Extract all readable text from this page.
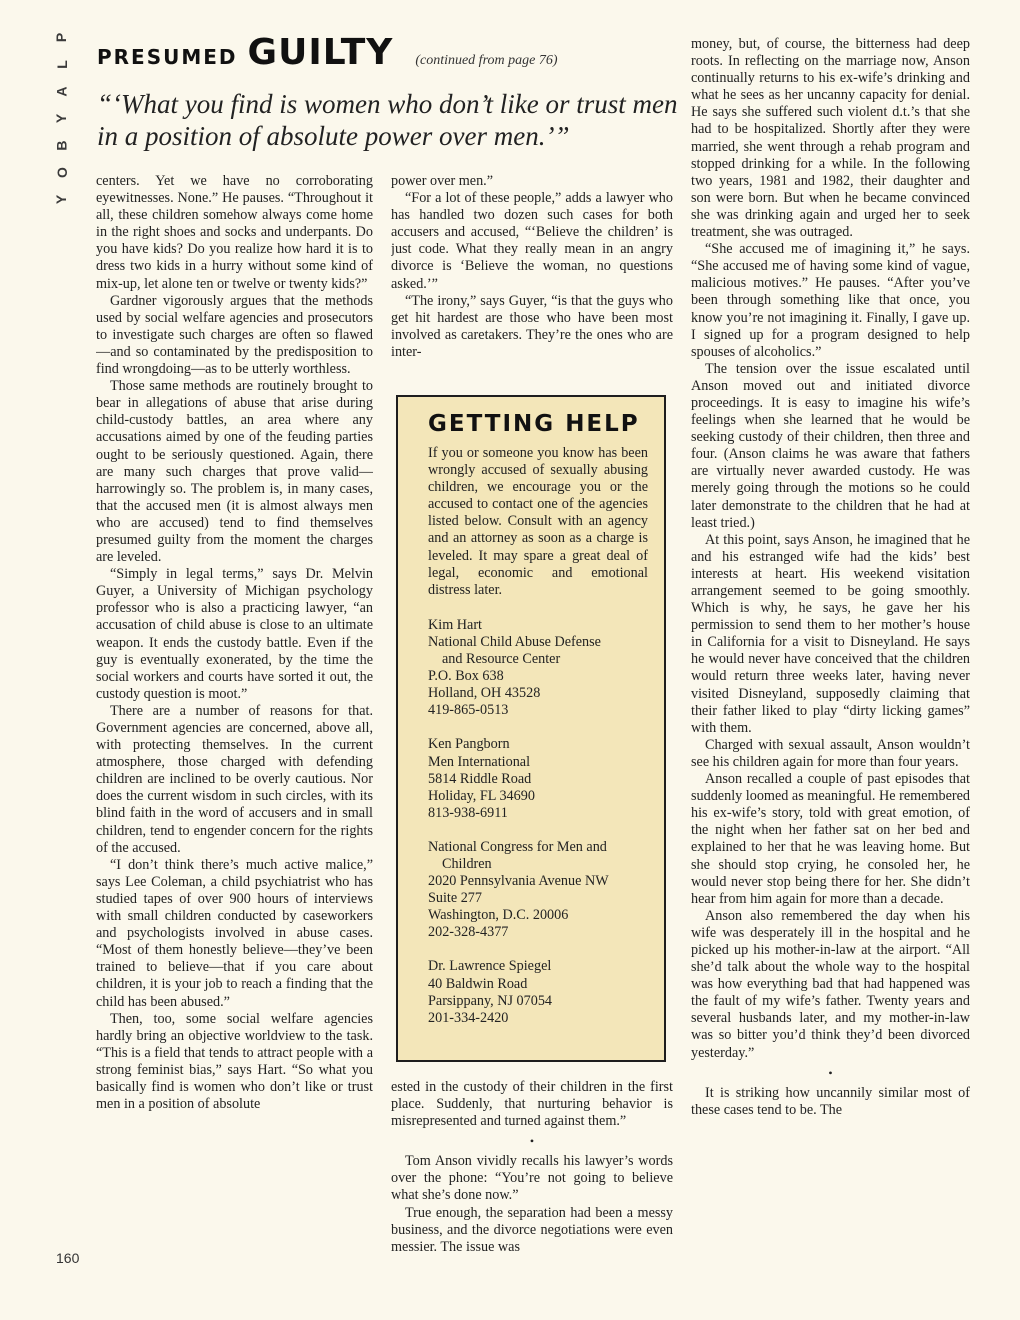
P
L
A
Y
B
O
Y
PRESUMED GUILTY (continued from page 76)
“‘What you find is women who don’t like or trust men in a position of absolute power over men.’”

centers. Yet we have no corroborating eyewitnesses. None.” He pauses. “Throughout it all, these children somehow always come home in the right shoes and socks and underpants. Do you have kids? Do you realize how hard it is to dress two kids in a hurry without some kind of mix-up, let alone ten or twelve or twenty kids?”

Gardner vigorously argues that the methods used by social welfare agencies and prosecutors to investigate such charges are often so flawed—and so contaminated by the predisposition to find wrongdoing—as to be utterly worthless.

Those same methods are routinely brought to bear in allegations of abuse that arise during child-custody battles, an area where any accusations aimed by one of the feuding parties ought to be seriously questioned. Again, there are many such charges that prove valid—harrowingly so. The problem is, in many cases, that the accused men (it is almost always men who are accused) tend to find themselves presumed guilty from the moment the charges are leveled.

“Simply in legal terms,” says Dr. Melvin Guyer, a University of Michigan psychology professor who is also a practicing lawyer, “an accusation of child abuse is close to an ultimate weapon. It ends the custody battle. Even if the guy is eventually exonerated, by the time the social workers and courts have sorted it out, the custody question is moot.”

There are a number of reasons for that. Government agencies are concerned, above all, with protecting themselves. In the current atmosphere, those charged with defending children are inclined to be overly cautious. Nor does the current wisdom in such circles, with its blind faith in the word of accusers and in small children, tend to engender concern for the rights of the accused.

“I don’t think there’s much active malice,” says Lee Coleman, a child psychiatrist who has studied tapes of over 900 hours of interviews with small children conducted by caseworkers and psychologists involved in abuse cases. “Most of them honestly believe—they’ve been trained to believe—that if you care about children, it is your job to reach a finding that the child has been abused.”

Then, too, some social welfare agencies hardly bring an objective worldview to the task. “This is a field that tends to attract people with a strong feminist bias,” says Hart. “So what you basically find is women who don’t like or trust men in a position of absolute

power over men.”

“For a lot of these people,” adds a lawyer who has handled two dozen such cases for both accusers and accused, “‘Believe the children’ is just code. What they really mean in an angry divorce is ‘Believe the woman, no questions asked.’”

“The irony,” says Guyer, “is that the guys who get hit hardest are those who have been most involved as caretakers. They’re the ones who are inter-

GETTING HELP
If you or someone you know has been wrongly accused of sexually abusing children, we encourage you or the accused to contact one of the agencies listed below. Consult with an agency and an attorney as soon as a charge is leveled. It may spare a great deal of legal, economic and emotional distress later.
Kim Hart
National Child Abuse Defense
and Resource Center
P.O. Box 638
Holland, OH 43528
419-865-0513
Ken Pangborn
Men International
5814 Riddle Road
Holiday, FL 34690
813-938-6911
National Congress for Men and
Children
2020 Pennsylvania Avenue NW
Suite 277
Washington, D.C. 20006
202-328-4377
Dr. Lawrence Spiegel
40 Baldwin Road
Parsippany, NJ 07054
201-334-2420

ested in the custody of their children in the first place. Suddenly, that nurturing behavior is misrepresented and turned against them.”

•

Tom Anson vividly recalls his lawyer’s words over the phone: “You’re not going to believe what she’s done now.”

True enough, the separation had been a messy business, and the divorce negotiations were even messier. The issue was

money, but, of course, the bitterness had deep roots. In reflecting on the marriage now, Anson continually returns to his ex-wife’s drinking and what he sees as her uncanny capacity for denial. He says she suffered such violent d.t.’s that she had to be hospitalized. Shortly after they were married, she went through a rehab program and stopped drinking for a while. In the following two years, 1981 and 1982, their daughter and son were born. But when he became convinced she was drinking again and urged her to seek treatment, she was outraged.

“She accused me of imagining it,” he says. “She accused me of having some kind of vague, malicious motives.” He pauses. “After you’ve been through something like that once, you know you’re not imagining it. Finally, I gave up. I signed up for a program designed to help spouses of alcoholics.”

The tension over the issue escalated until Anson moved out and initiated divorce proceedings. It is easy to imagine his wife’s feelings when she learned that he would be seeking custody of their children, then three and four. (Anson claims he was aware that fathers are virtually never awarded custody. He was merely going through the motions so he could later demonstrate to the children that he had at least tried.)

At this point, says Anson, he imagined that he and his estranged wife had the kids’ best interests at heart. His weekend visitation arrangement seemed to be going smoothly. Which is why, he says, he gave her his permission to send them to her mother’s house in California for a visit to Disneyland. He says he would never have conceived that the children would return three weeks later, having never visited Disneyland, supposedly claiming that their father liked to play “dirty licking games” with them.

Charged with sexual assault, Anson wouldn’t see his children again for more than four years.

Anson recalled a couple of past episodes that suddenly loomed as meaningful. He remembered his ex-wife’s story, told with great emotion, of the night when her father sat on her bed and explained to her that he was leaving home. But she should stop crying, he consoled her, he would never stop being there for her. She didn’t hear from him again for more than a decade.

Anson also remembered the day when his wife was desperately ill in the hospital and he picked up his mother-in-law at the airport. “All she’d talk about the whole way to the hospital was how everything bad that had happened was the fault of my wife’s father. Twenty years and several husbands later, and my mother-in-law was so bitter you’d think they’d been divorced yesterday.”

•

It is striking how uncannily similar most of these cases tend to be. The

160
